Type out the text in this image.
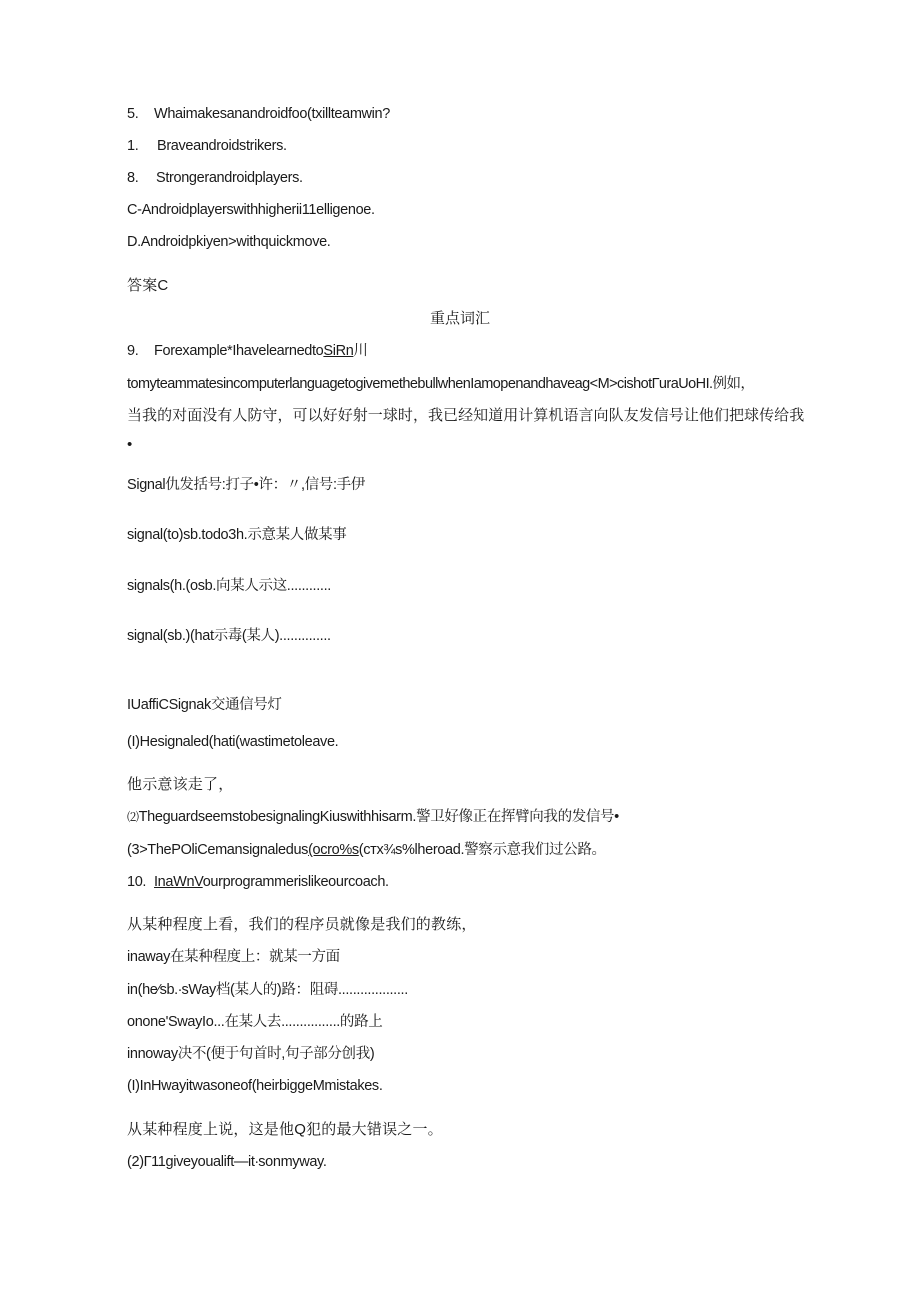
5. Whaimakesanandroidfoo(txillteamwin?
1. Braveandroidstrikers.
8. Strongerandroidplayers.
C-Androidplayerswithhigherii11elligenoe.
D.Androidpkiyen>withquickmove.
答案C
重点词汇
9. Forexample*IhavelearnedtoSiRn川
tomyteammatesincomputerlanguagetogivemethebullwhenIamopenandhaveag<M>cishotГuraUoHI.例如，
当我的对面没有人防守，可以好好射一球时，我已经知道用计算机语言向队友发信号让他们把球传给我
•
Signal仇发括号:打子•许：〃,信号:手伊
signal(to)sb.todo3h.示意某人做某事
signals(h.(osb.向某人示这............
signal(sb.)(hat示毒(某人)..............
IUaffiCSignak交通信号灯
(I)Hesignaled(hati(wastimetoleave.
他示意该走了，
⑵TheguardseemstobesignalingKiuswithhisarm.警卫好像正在挥臂向我的发信号•
(3>ThePOliCemansignaledus(ocro%s(стх¾s%lheroad.警察示意我们过公路。
10. InaWnVourprogrammerislikeourcoach.
从某种程度上看，我们的程序员就像是我们的教练，
inaway在某种程度上：就某一方面
in(he∕sb.∙sWay档(某人的)路：阻碍...................
onone'SwayIo...在某人去................的路上
innoway决不(便于句首时,句子部分创我)
(I)InHwayitwasoneof(heirbiggeMmistakes.
从某种程度上说，这是他Q犯的最大错误之一。
(2)Г11giveyoualift—it∙sonmyway.
